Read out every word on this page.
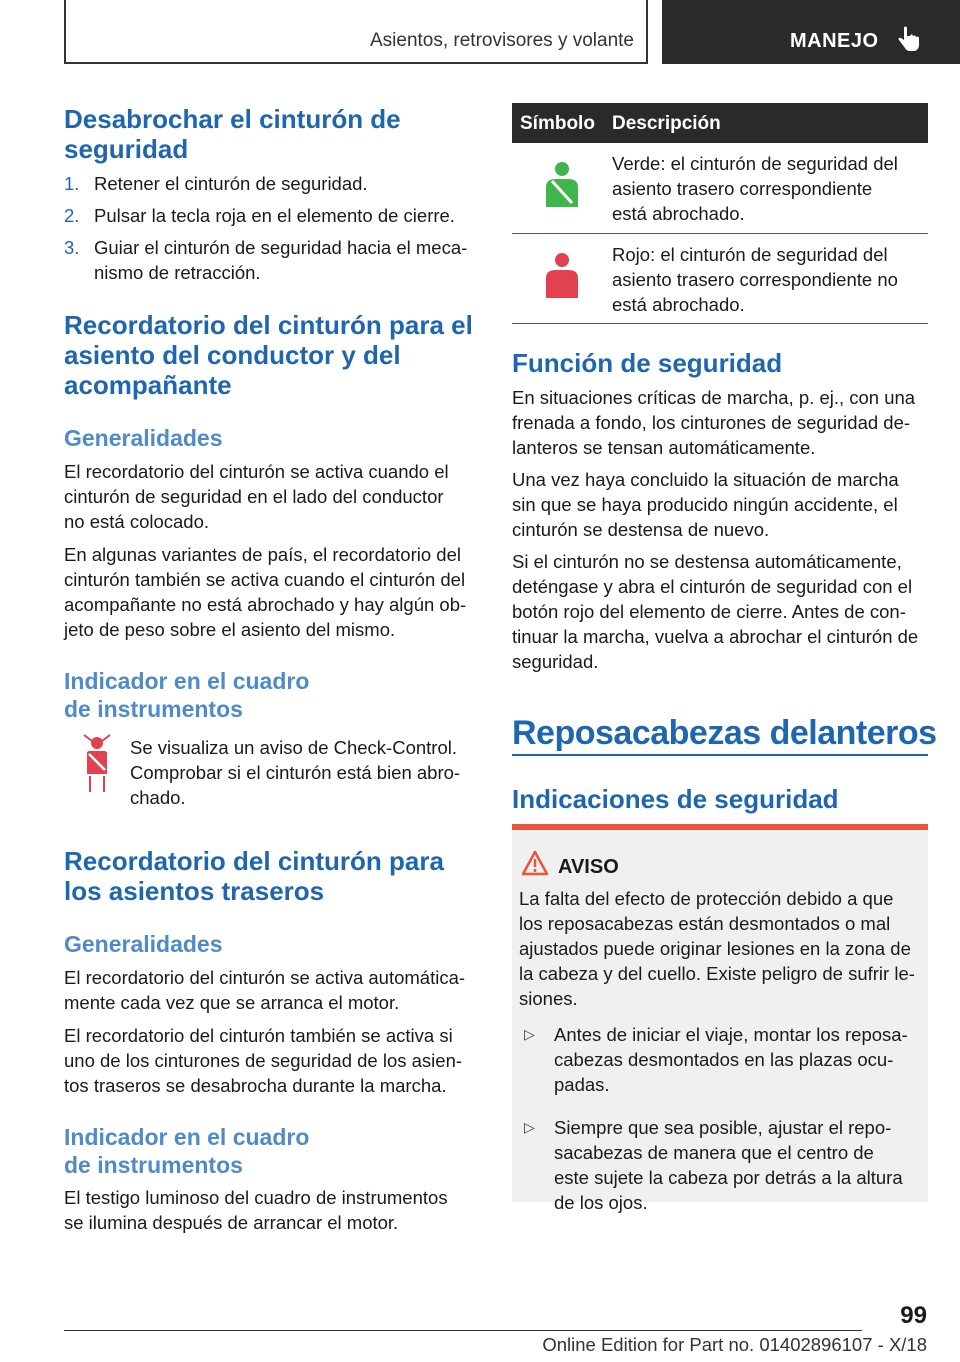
Asientos, retrovisores y volante	MANEJO
Desabrochar el cinturón de
seguridad
1. Retener el cinturón de seguridad.
2. Pulsar la tecla roja en el elemento de cierre.
3. Guiar el cinturón de seguridad hacia el meca‐
nismo de retracción.
Recordatorio del cinturón para el
asiento del conductor y del
acompañante
Generalidades
El recordatorio del cinturón se activa cuando el
cinturón de seguridad en el lado del conductor
no está colocado.
En algunas variantes de país, el recordatorio del
cinturón también se activa cuando el cinturón del
acompañante no está abrochado y hay algún ob‐
jeto de peso sobre el asiento del mismo.
Indicador en el cuadro
de instrumentos
Se visualiza un aviso de Check-Control.
Comprobar si el cinturón está bien abro‐
chado.
Recordatorio del cinturón para
los asientos traseros
Generalidades
El recordatorio del cinturón se activa automática‐
mente cada vez que se arranca el motor.
El recordatorio del cinturón también se activa si
uno de los cinturones de seguridad de los asien‐
tos traseros se desabrocha durante la marcha.
Indicador en el cuadro
de instrumentos
El testigo luminoso del cuadro de instrumentos
se ilumina después de arrancar el motor.
Símbolo Descripción
Verde: el cinturón de seguridad del
asiento trasero correspondiente
está abrochado.
Rojo: el cinturón de seguridad del
asiento trasero correspondiente no
está abrochado.
Función de seguridad
En situaciones críticas de marcha, p. ej., con una
frenada a fondo, los cinturones de seguridad de‐
lanteros se tensan automáticamente.
Una vez haya concluido la situación de marcha
sin que se haya producido ningún accidente, el
cinturón se destensa de nuevo.
Si el cinturón no se destensa automáticamente,
deténgase y abra el cinturón de seguridad con el
botón rojo del elemento de cierre. Antes de con‐
tinuar la marcha, vuelva a abrochar el cinturón de
seguridad.
Reposacabezas delanteros
Indicaciones de seguridad
AVISO
La falta del efecto de protección debido a que
los reposacabezas están desmontados o mal
ajustados puede originar lesiones en la zona de
la cabeza y del cuello. Existe peligro de sufrir le‐
siones.
▷ Antes de iniciar el viaje, montar los reposa‐
cabezas desmontados en las plazas ocu‐
padas.
▷ Siempre que sea posible, ajustar el repo‐
sacabezas de manera que el centro de
este sujete la cabeza por detrás a la altura
de los ojos.
99
Online Edition for Part no. 01402896107 - X/18
